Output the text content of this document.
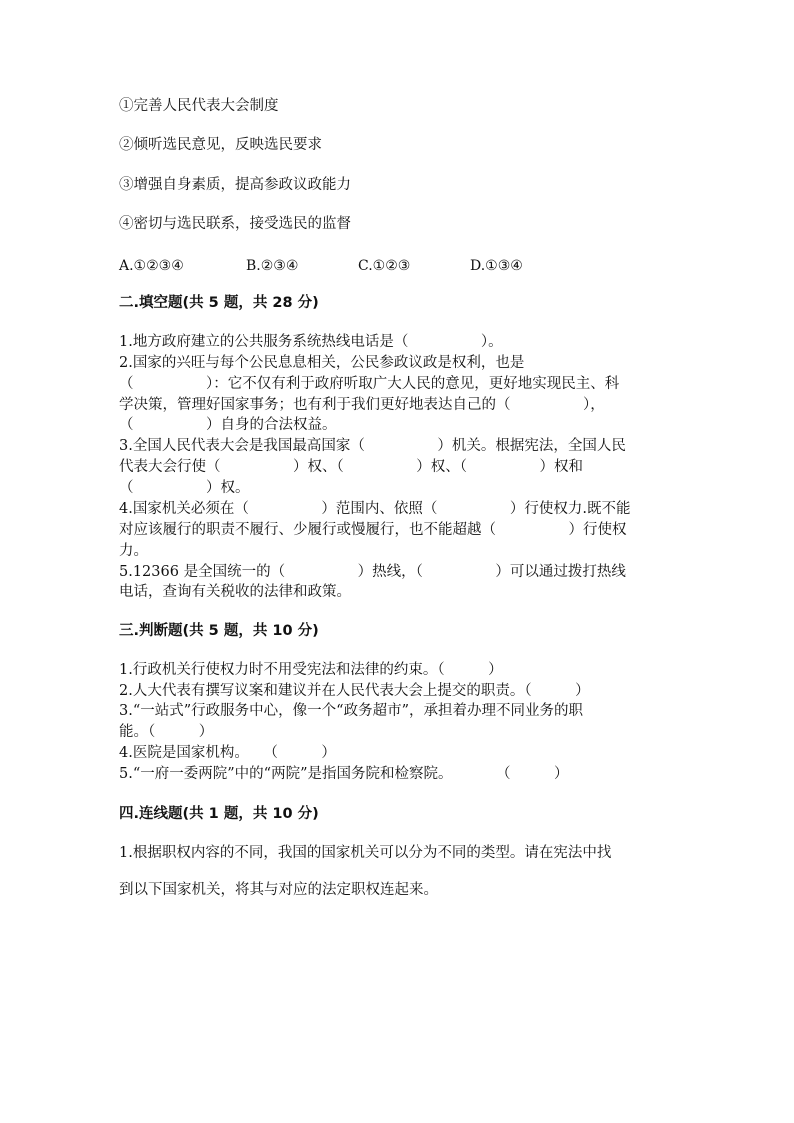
①完善人民代表大会制度
②倾听选民意见，反映选民要求
③增强自身素质，提高参政议政能力
④密切与选民联系，接受选民的监督
A.①②③④	B.②③④	C.①②③	D.①③④
二.填空题(共 5 题，共 28 分)
1.地方政府建立的公共服务系统热线电话是（　　　　　）。
2.国家的兴旺与每个公民息息相关，公民参政议政是权利，也是
（　　　　　）：它不仅有利于政府听取广大人民的意见，更好地实现民主、科
学决策，管理好国家事务；也有利于我们更好地表达自己的（　　　　　），
（　　　　　）自身的合法权益。
3.全国人民代表大会是我国最高国家（　　　　　）机关。根据宪法，全国人民
代表大会行使（　　　　　）权、（　　　　　）权、（　　　　　）权和
（　　　　　）权。
4.国家机关必须在（　　　　　）范围内、依照（　　　　　）行使权力.既不能
对应该履行的职责不履行、少履行或慢履行，也不能超越（　　　　　）行使权
力。
5.12366 是全国统一的（　　　　　）热线，（　　　　　）可以通过拨打热线
电话，查询有关税收的法律和政策。
三.判断题(共 5 题，共 10 分)
1.行政机关行使权力时不用受宪法和法律的约束。（　　　）
2.人大代表有撰写议案和建议并在人民代表大会上提交的职责。（　　　）
3.“一站式”行政服务中心，像一个“政务超市”，承担着办理不同业务的职
能。（　　　）
4.医院是国家机构。　　（　　　）
5.“一府一委两院”中的“两院”是指国务院和检察院。　　　　（　　　）
四.连线题(共 1 题，共 10 分)
1.根据职权内容的不同，我国的国家机关可以分为不同的类型。请在宪法中找
到以下国家机关，将其与对应的法定职权连起来。
